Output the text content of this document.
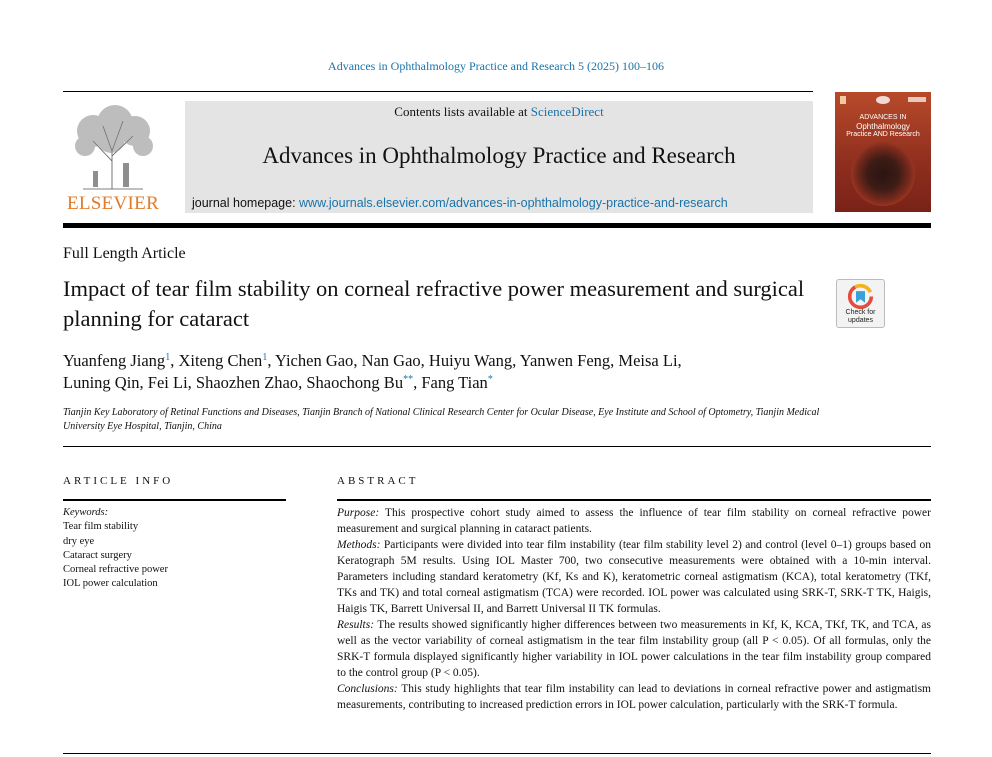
Advances in Ophthalmology Practice and Research 5 (2025) 100–106
ELSEVIER
Contents lists available at ScienceDirect
Advances in Ophthalmology Practice and Research
journal homepage: www.journals.elsevier.com/advances-in-ophthalmology-practice-and-research
ADVANCES IN
Ophthalmology
Practice AND Research
Full Length Article
Impact of tear film stability on corneal refractive power measurement and surgical planning for cataract	Check for
updates
Yuanfeng Jiang$^1$, Xiteng Chen$^1$, Yichen Gao, Nan Gao, Huiyu Wang, Yanwen Feng, Meisa Li,
Luning Qin, Fei Li, Shaozhen Zhao, Shaochong Bu**, Fang Tian*
Tianjin Key Laboratory of Retinal Functions and Diseases, Tianjin Branch of National Clinical Research Center for Ocular Disease, Eye Institute and School of Optometry, Tianjin Medical University Eye Hospital, Tianjin, China
ARTICLE INFO	ABSTRACT
Keywords:
Tear film stability
dry eye
Cataract surgery
Corneal refractive power
IOL power calculation

Purpose: This prospective cohort study aimed to assess the influence of tear film stability on corneal refractive power measurement and surgical planning in cataract patients.

Methods: Participants were divided into tear film instability (tear film stability level 2) and control (level 0–1) groups based on Keratograph 5M results. Using IOL Master 700, two consecutive measurements were obtained with a 10-min interval. Parameters including standard keratometry (Kf, Ks and K), keratometric corneal astigmatism (KCA), total keratometry (TKf, TKs and TK) and total corneal astigmatism (TCA) were recorded. IOL power was calculated using SRK-T, SRK-T TK, Haigis, Haigis TK, Barrett Universal II, and Barrett Universal II TK formulas.

Results: The results showed significantly higher differences between two measurements in Kf, K, KCA, TKf, TK, and TCA, as well as the vector variability of corneal astigmatism in the tear film instability group (all P < 0.05). Of all formulas, only the SRK-T formula displayed significantly higher variability in IOL power calculations in the tear film instability group compared to the control group (P < 0.05).

Conclusions: This study highlights that tear film instability can lead to deviations in corneal refractive power and astigmatism measurements, contributing to increased prediction errors in IOL power calculation, particularly with the SRK-T formula.
